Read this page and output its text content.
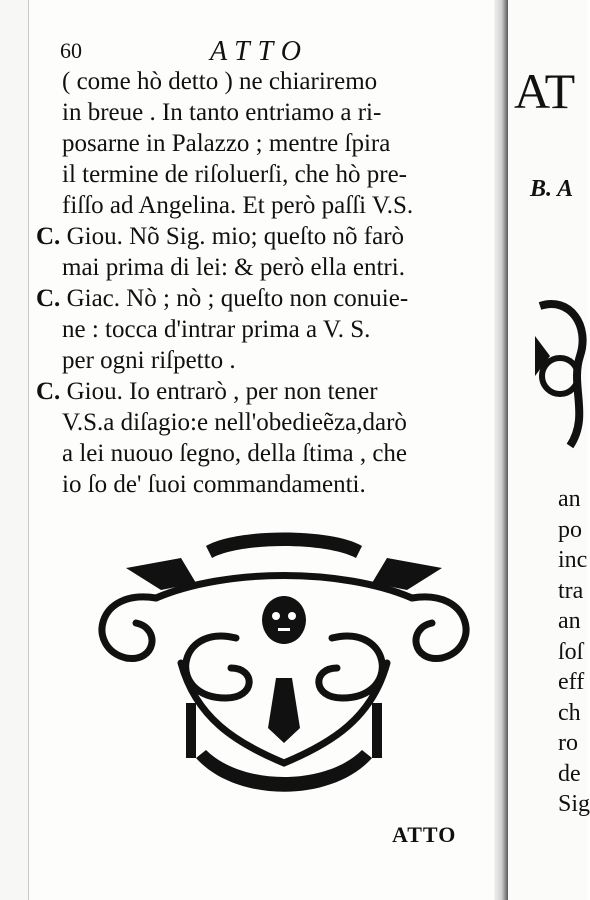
60	ATTO
( come hò detto ) ne chiariremo
in breue . In tanto entriamo a ri-
posarne in Palazzo ; mentre ſpira
il termine de riſoluerſi, che hò pre-
fiſſo ad Angelina. Et però paſſi V.S.
C. Giou. Nõ Sig. mio; queſto nõ farò
mai prima di lei: & però ella entri.
C. Giac. Nò ; nò ; queſto non conuie-
ne : tocca d'intrar prima a V. S.
per ogni riſpetto .
C. Giou. Io entrarò , per non tener
V.S.a diſagio:e nell'obedieẽza,darò
a lei nuouo ſegno, della ſtima , che
io ſo de' ſuoi commandamenti.
ATTO
AT
B. A
an
po
inc
tra
an
ſoſ
eff
ch
ro
de
Sig
